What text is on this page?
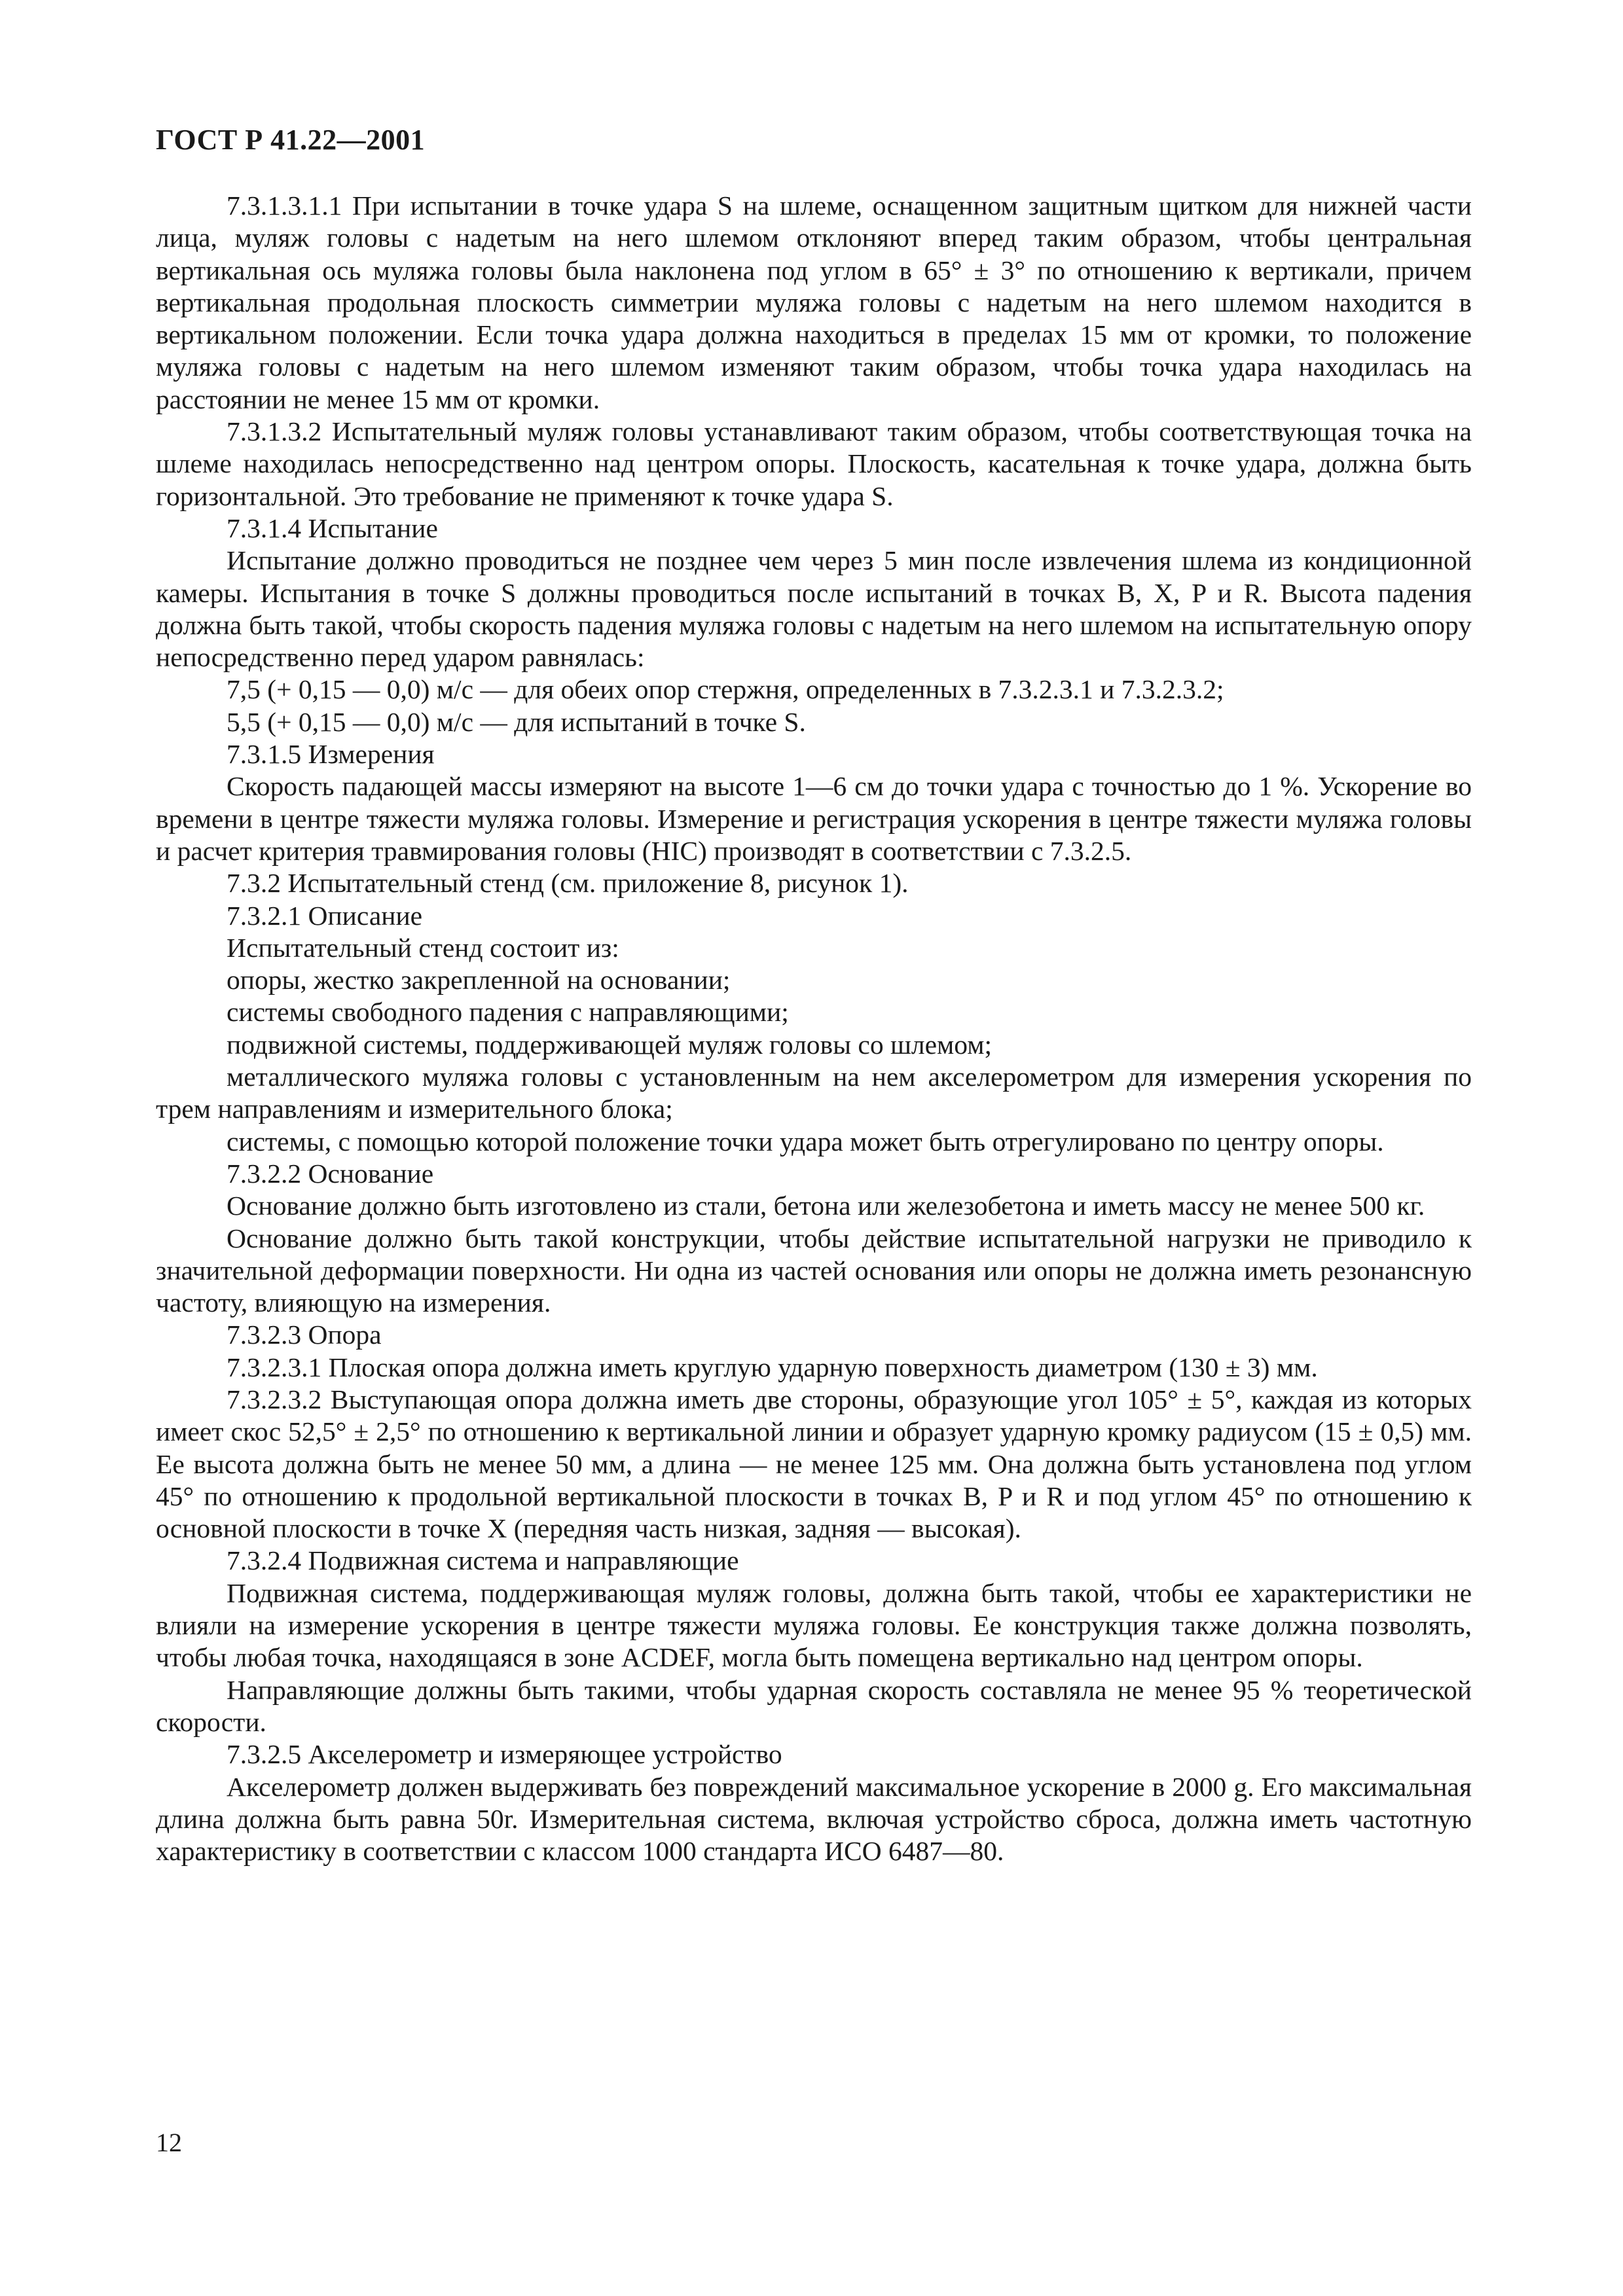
ГОСТ Р 41.22—2001

7.3.1.3.1.1 При испытании в точке удара S на шлеме, оснащенном защитным щитком для нижней части лица, муляж головы с надетым на него шлемом отклоняют вперед таким образом, чтобы центральная вертикальная ось муляжа головы была наклонена под углом в 65° ± 3° по отношению к вертикали, причем вертикальная продольная плоскость симметрии муляжа головы с надетым на него шлемом находится в вертикальном положении. Если точка удара должна находиться в пределах 15 мм от кромки, то положение муляжа головы с надетым на него шлемом изменяют таким образом, чтобы точка удара находилась на расстоянии не менее 15 мм от кромки.

7.3.1.3.2 Испытательный муляж головы устанавливают таким образом, чтобы соответствующая точка на шлеме находилась непосредственно над центром опоры. Плоскость, касательная к точке удара, должна быть горизонтальной. Это требование не применяют к точке удара S.

7.3.1.4 Испытание

Испытание должно проводиться не позднее чем через 5 мин после извлечения шлема из кондиционной камеры. Испытания в точке S должны проводиться после испытаний в точках B, X, P и R. Высота падения должна быть такой, чтобы скорость падения муляжа головы с надетым на него шлемом на испытательную опору непосредственно перед ударом равнялась:

7,5 (+ 0,15 — 0,0) м/с — для обеих опор стержня, определенных в 7.3.2.3.1 и 7.3.2.3.2;

5,5 (+ 0,15 — 0,0) м/с — для испытаний в точке S.

7.3.1.5 Измерения

Скорость падающей массы измеряют на высоте 1—6 см до точки удара с точностью до 1 %. Ускорение во времени в центре тяжести муляжа головы. Измерение и регистрация ускорения в центре тяжести муляжа головы и расчет критерия травмирования головы (HIC) производят в соответствии с 7.3.2.5.

7.3.2 Испытательный стенд (см. приложение 8, рисунок 1).

7.3.2.1 Описание

Испытательный стенд состоит из:

опоры, жестко закрепленной на основании;

системы свободного падения с направляющими;

подвижной системы, поддерживающей муляж головы со шлемом;

металлического муляжа головы с установленным на нем акселерометром для измерения ускорения по трем направлениям и измерительного блока;

системы, с помощью которой положение точки удара может быть отрегулировано по центру опоры.

7.3.2.2 Основание

Основание должно быть изготовлено из стали, бетона или железобетона и иметь массу не менее 500 кг.

Основание должно быть такой конструкции, чтобы действие испытательной нагрузки не приводило к значительной деформации поверхности. Ни одна из частей основания или опоры не должна иметь резонансную частоту, влияющую на измерения.

7.3.2.3 Опора

7.3.2.3.1 Плоская опора должна иметь круглую ударную поверхность диаметром (130 ± 3) мм.

7.3.2.3.2 Выступающая опора должна иметь две стороны, образующие угол 105° ± 5°, каждая из которых имеет скос 52,5° ± 2,5° по отношению к вертикальной линии и образует ударную кромку радиусом (15 ± 0,5) мм. Ее высота должна быть не менее 50 мм, а длина — не менее 125 мм. Она должна быть установлена под углом 45° по отношению к продольной вертикальной плоскости в точках B, P и R и под углом 45° по отношению к основной плоскости в точке X (передняя часть низкая, задняя — высокая).

7.3.2.4 Подвижная система и направляющие

Подвижная система, поддерживающая муляж головы, должна быть такой, чтобы ее характеристики не влияли на измерение ускорения в центре тяжести муляжа головы. Ее конструкция также должна позволять, чтобы любая точка, находящаяся в зоне ACDEF, могла быть помещена вертикально над центром опоры.

Направляющие должны быть такими, чтобы ударная скорость составляла не менее 95 % теоретической скорости.

7.3.2.5 Акселерометр и измеряющее устройство

Акселерометр должен выдерживать без повреждений максимальное ускорение в 2000 g. Его максимальная длина должна быть равна 50r. Измерительная система, включая устройство сброса, должна иметь частотную характеристику в соответствии с классом 1000 стандарта ИСО 6487—80.

12
